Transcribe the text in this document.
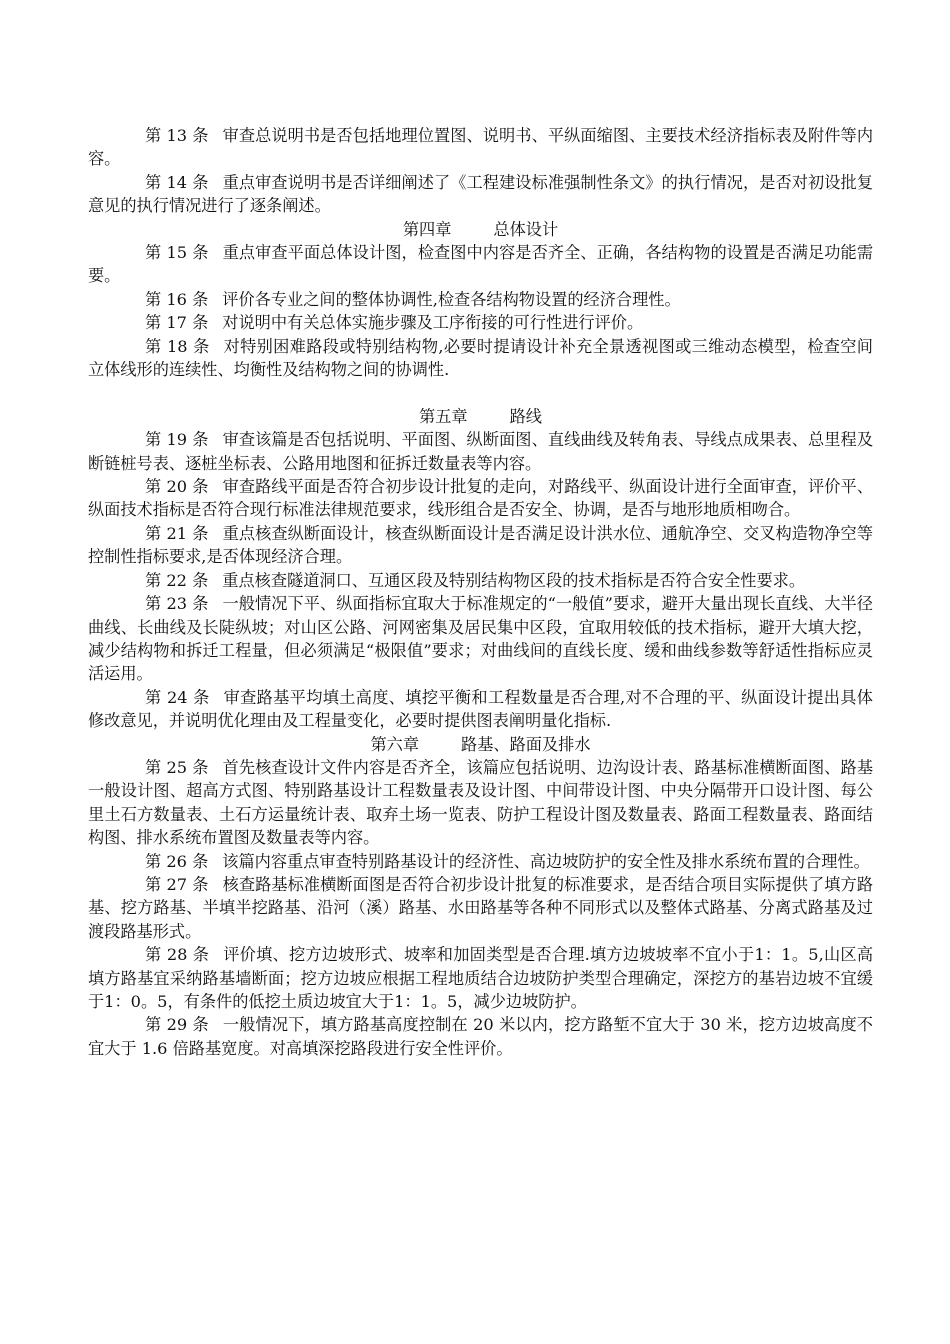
第 13 条 审查总说明书是否包括地理位置图、说明书、平纵面缩图、主要技术经济指标表及附件等内容。

第 14 条 重点审查说明书是否详细阐述了《工程建设标准强制性条文》的执行情况，是否对初设批复意见的执行情况进行了逐条阐述。

第四章	总体设计

第 15 条 重点审查平面总体设计图，检查图中内容是否齐全、正确，各结构物的设置是否满足功能需要。

第 16 条 评价各专业之间的整体协调性,检查各结构物设置的经济合理性。

第 17 条 对说明中有关总体实施步骤及工序衔接的可行性进行评价。

第 18 条 对特别困难路段或特别结构物,必要时提请设计补充全景透视图或三维动态模型，检查空间立体线形的连续性、均衡性及结构物之间的协调性.

第五章	路线

第 19 条 审查该篇是否包括说明、平面图、纵断面图、直线曲线及转角表、导线点成果表、总里程及断链桩号表、逐桩坐标表、公路用地图和征拆迁数量表等内容。

第 20 条 审查路线平面是否符合初步设计批复的走向，对路线平、纵面设计进行全面审查，评价平、纵面技术指标是否符合现行标准法律规范要求，线形组合是否安全、协调，是否与地形地质相吻合。

第 21 条 重点核查纵断面设计，核查纵断面设计是否满足设计洪水位、通航净空、交叉构造物净空等控制性指标要求,是否体现经济合理。

第 22 条 重点核查隧道洞口、互通区段及特别结构物区段的技术指标是否符合安全性要求。

第 23 条 一般情况下平、纵面指标宜取大于标准规定的“一般值”要求，避开大量出现长直线、大半径曲线、长曲线及长陡纵坡；对山区公路、河网密集及居民集中区段，宜取用较低的技术指标，避开大填大挖，减少结构物和拆迁工程量，但必须满足“极限值”要求；对曲线间的直线长度、缓和曲线参数等舒适性指标应灵活运用。

第 24 条 审查路基平均填土高度、填挖平衡和工程数量是否合理,对不合理的平、纵面设计提出具体修改意见，并说明优化理由及工程量变化，必要时提供图表阐明量化指标.

第六章	路基、路面及排水

第 25 条 首先核查设计文件内容是否齐全，该篇应包括说明、边沟设计表、路基标准横断面图、路基一般设计图、超高方式图、特别路基设计工程数量表及设计图、中间带设计图、中央分隔带开口设计图、每公里土石方数量表、土石方运量统计表、取弃土场一览表、防护工程设计图及数量表、路面工程数量表、路面结构图、排水系统布置图及数量表等内容。

第 26 条 该篇内容重点审查特别路基设计的经济性、高边坡防护的安全性及排水系统布置的合理性。

第 27 条 核查路基标准横断面图是否符合初步设计批复的标准要求，是否结合项目实际提供了填方路基、挖方路基、半填半挖路基、沿河（溪）路基、水田路基等各种不同形式以及整体式路基、分离式路基及过渡段路基形式。

第 28 条 评价填、挖方边坡形式、坡率和加固类型是否合理.填方边坡坡率不宜小于1：1。5,山区高填方路基宜采纳路基墙断面；挖方边坡应根据工程地质结合边坡防护类型合理确定，深挖方的基岩边坡不宜缓于1：0。5，有条件的低挖土质边坡宜大于1：1。5，减少边坡防护。

第 29 条 一般情况下，填方路基高度控制在 20 米以内，挖方路堑不宜大于 30 米，挖方边坡高度不宜大于 1.6 倍路基宽度。对高填深挖路段进行安全性评价。
